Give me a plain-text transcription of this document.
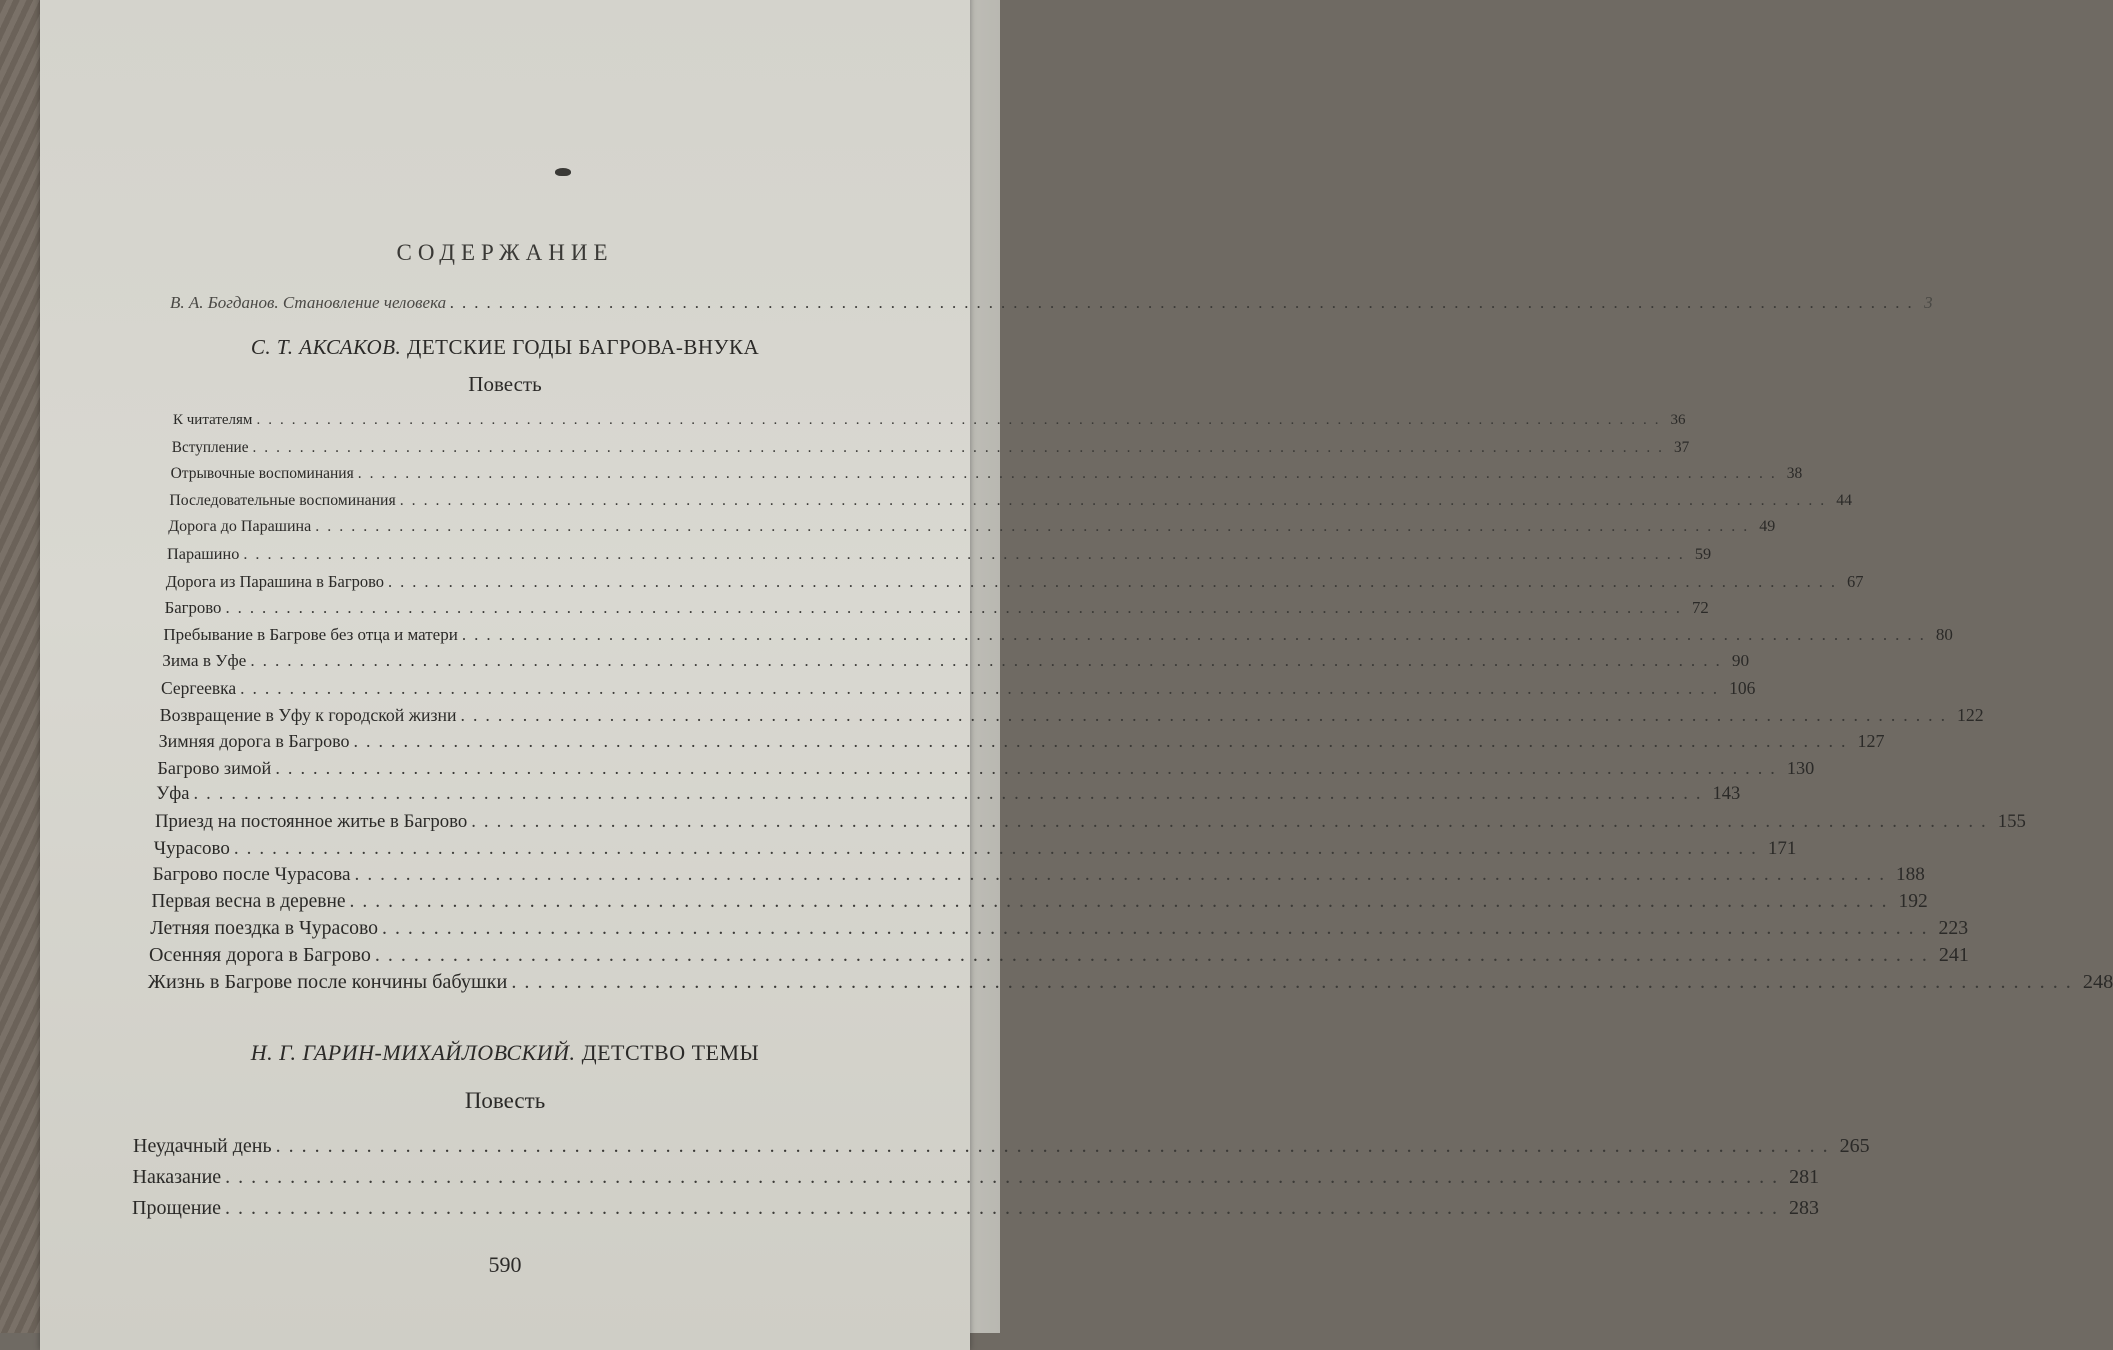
СОДЕРЖАНИЕ
В. А. Богданов. Становление человека ........................................................................................................................ 3
С. Т. АКСАКОВ. ДЕТСКИЕ ГОДЫ БАГРОВА-ВНУКА
Повесть
К читателям ........................................................................................................................ 36
Вступление ........................................................................................................................ 37
Отрывочные воспоминания ........................................................................................................................ 38
Последовательные воспоминания ........................................................................................................................ 44
Дорога до Парашина ........................................................................................................................ 49
Парашино ........................................................................................................................ 59
Дорога из Парашина в Багрово ........................................................................................................................ 67
Багрово ........................................................................................................................ 72
Пребывание в Багрове без отца и матери ........................................................................................................................ 80
Зима в Уфе ........................................................................................................................ 90
Сергеевка ........................................................................................................................ 106
Возвращение в Уфу к городской жизни ........................................................................................................................ 122
Зимняя дорога в Багрово ........................................................................................................................ 127
Багрово зимой ........................................................................................................................ 130
Уфа ........................................................................................................................ 143
Приезд на постоянное житье в Багрово ........................................................................................................................ 155
Чурасово ........................................................................................................................ 171
Багрово после Чурасова ........................................................................................................................ 188
Первая весна в деревне ........................................................................................................................ 192
Летняя поездка в Чурасово ........................................................................................................................ 223
Осенняя дорога в Багрово ........................................................................................................................ 241
Жизнь в Багрове после кончины бабушки ........................................................................................................................ 248
Н. Г. ГАРИН-МИХАЙЛОВСКИЙ. ДЕТСТВО ТЕМЫ
Повесть
Неудачный день ........................................................................................................................ 265
Наказание ........................................................................................................................ 281
Прощение ........................................................................................................................ 283
590
